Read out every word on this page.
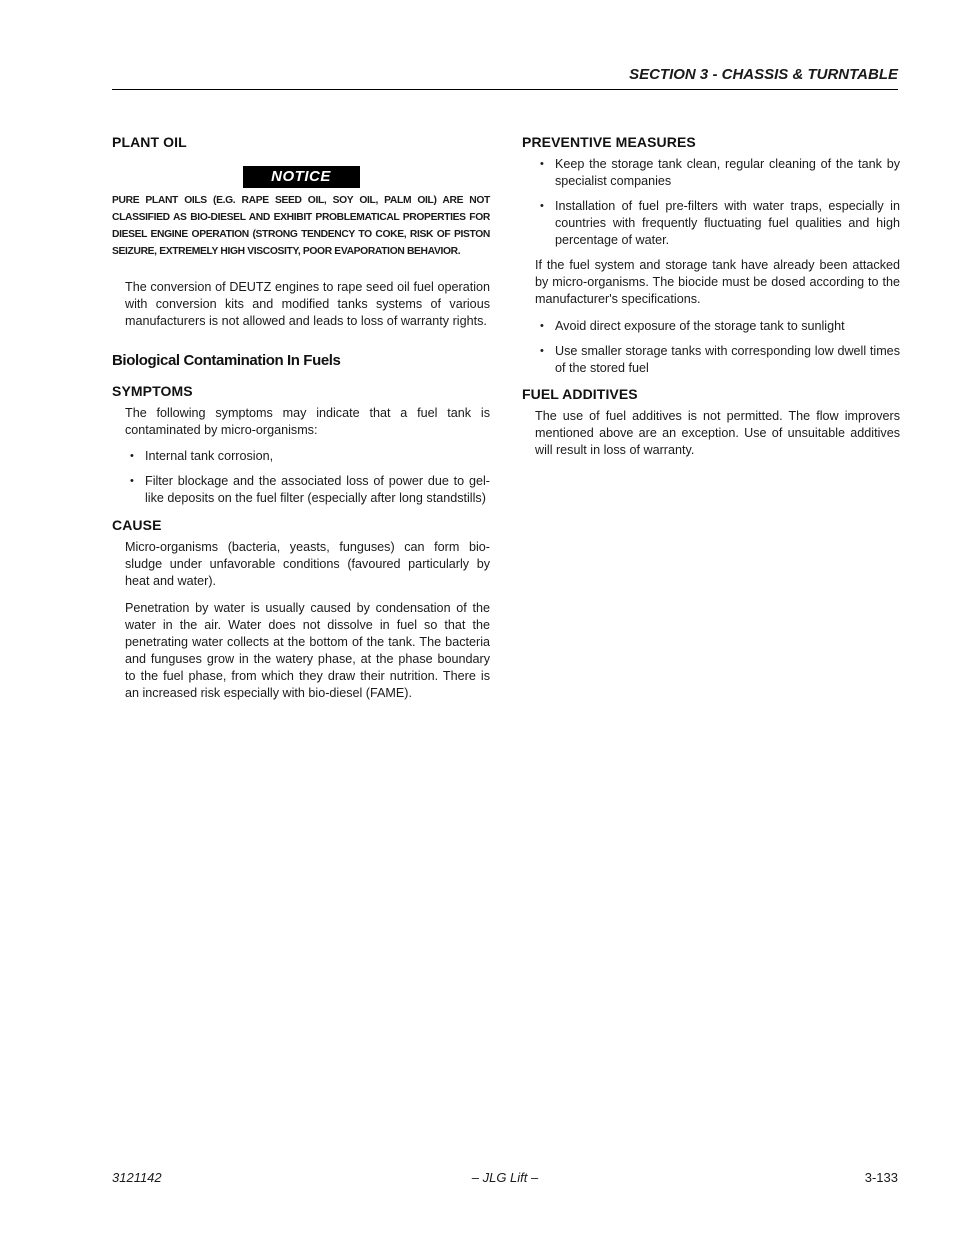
SECTION 3 - CHASSIS & TURNTABLE
PLANT OIL
NOTICE

PURE PLANT OILS (E.G. RAPE SEED OIL, SOY OIL, PALM OIL) ARE NOT CLASSIFIED AS BIO-DIESEL AND EXHIBIT PROBLEMATICAL PROPERTIES FOR DIESEL ENGINE OPERATION (STRONG TENDENCY TO COKE, RISK OF PISTON SEIZURE, EXTREMELY HIGH VISCOSITY, POOR EVAPORATION BEHAVIOR.

The conversion of DEUTZ engines to rape seed oil fuel operation with conversion kits and modified tanks systems of various manufacturers is not allowed and leads to loss of warranty rights.

Biological Contamination In Fuels
SYMPTOMS

The following symptoms may indicate that a fuel tank is contaminated by micro-organisms:

• Internal tank corrosion,
• Filter blockage and the associated loss of power due to gel-like deposits on the fuel filter (especially after long standstills)
CAUSE

Micro-organisms (bacteria, yeasts, funguses) can form bio-sludge under unfavorable conditions (favoured particularly by heat and water).

Penetration by water is usually caused by condensation of the water in the air. Water does not dissolve in fuel so that the penetrating water collects at the bottom of the tank. The bacteria and funguses grow in the watery phase, at the phase boundary to the fuel phase, from which they draw their nutrition. There is an increased risk especially with bio-diesel (FAME).

PREVENTIVE MEASURES
• Keep the storage tank clean, regular cleaning of the tank by specialist companies
• Installation of fuel pre-filters with water traps, especially in countries with frequently fluctuating fuel qualities and high percentage of water.

If the fuel system and storage tank have already been attacked by micro-organisms. The biocide must be dosed according to the manufacturer's specifications.

• Avoid direct exposure of the storage tank to sunlight
• Use smaller storage tanks with corresponding low dwell times of the stored fuel
FUEL ADDITIVES

The use of fuel additives is not permitted. The flow improvers mentioned above are an exception. Use of unsuitable additives will result in loss of warranty.

3121142	– JLG Lift –	3-133
